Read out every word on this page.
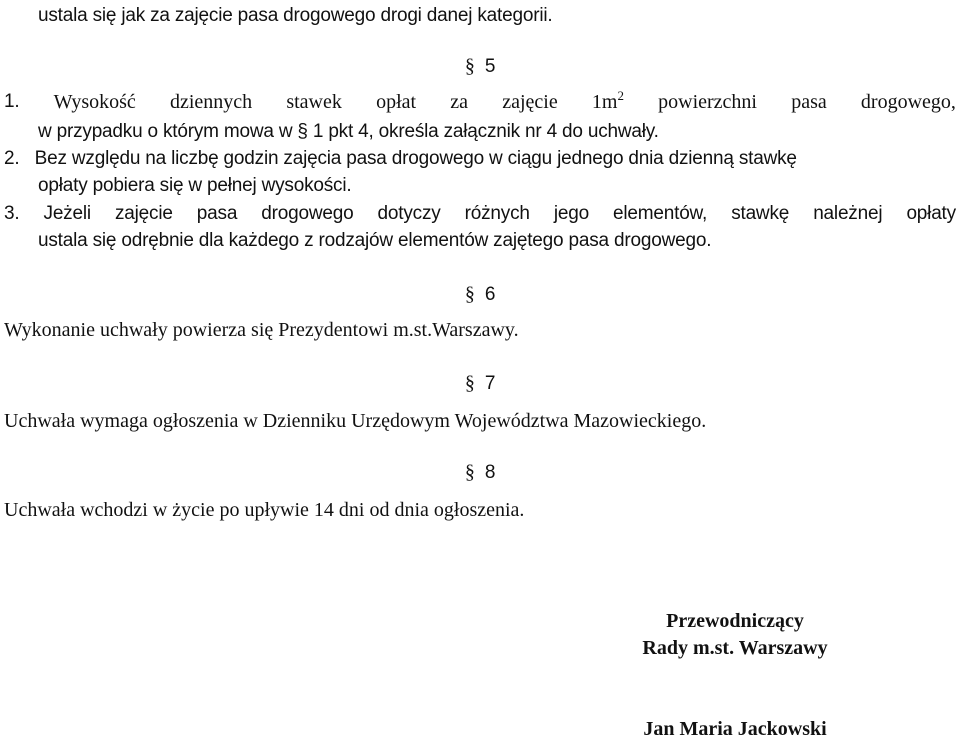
ustala się jak za zajęcie pasa drogowego drogi danej kategorii.
§ 5
1. Wysokość dziennych stawek opłat za zajęcie $1m^2$ powierzchni pasa drogowego,
w przypadku o którym mowa w § 1 pkt 4, określa załącznik nr 4 do uchwały.
2.   Bez względu na liczbę godzin zajęcia pasa drogowego w ciągu jednego dnia dzienną stawkę
opłaty pobiera się w pełnej wysokości.
3. Jeżeli zajęcie pasa drogowego dotyczy różnych jego elementów, stawkę należnej opłaty
ustala się odrębnie dla każdego z rodzajów elementów zajętego pasa drogowego.
§ 6
Wykonanie uchwały powierza się Prezydentowi m.st.Warszawy.
§ 7
Uchwała wymaga ogłoszenia w Dzienniku Urzędowym Województwa Mazowieckiego.
§ 8
Uchwała wchodzi w życie po upływie 14 dni od dnia ogłoszenia.
Przewodniczący
Rady m.st. Warszawy
Jan Maria Jackowski
